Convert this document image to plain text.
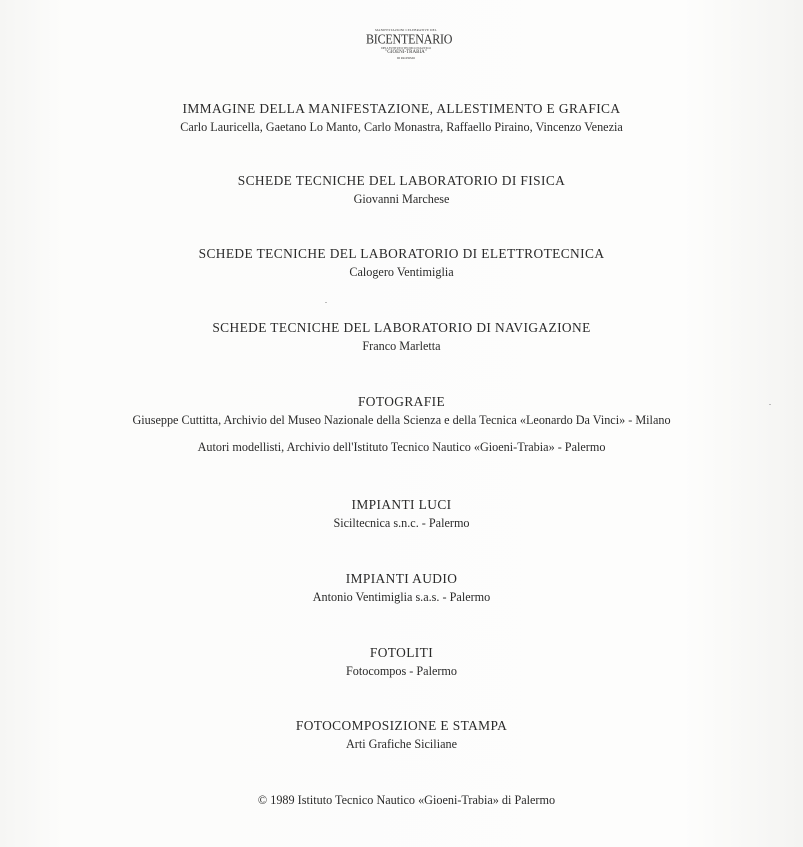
MANIFESTAZIONI CELEBRATIVE DEL
BICENTENARIO
DELL'ISTITUTO TECNICO NAUTICO
"GIOENI-TRABIA"
DI PALERMO
IMMAGINE DELLA MANIFESTAZIONE, ALLESTIMENTO E GRAFICA
Carlo Lauricella, Gaetano Lo Manto, Carlo Monastra, Raffaello Piraino, Vincenzo Venezia
SCHEDE TECNICHE DEL LABORATORIO DI FISICA
Giovanni Marchese
SCHEDE TECNICHE DEL LABORATORIO DI ELETTROTECNICA
Calogero Ventimiglia
SCHEDE TECNICHE DEL LABORATORIO DI NAVIGAZIONE
Franco Marletta
FOTOGRAFIE
Giuseppe Cuttitta, Archivio del Museo Nazionale della Scienza e della Tecnica «Leonardo Da Vinci» - Milano
Autori modellisti, Archivio dell'Istituto Tecnico Nautico «Gioeni-Trabia» - Palermo
IMPIANTI LUCI
Siciltecnica s.n.c. - Palermo
IMPIANTI AUDIO
Antonio Ventimiglia s.a.s. - Palermo
FOTOLITI
Fotocompos - Palermo
FOTOCOMPOSIZIONE E STAMPA
Arti Grafiche Siciliane
© 1989 Istituto Tecnico Nautico «Gioeni-Trabia» di Palermo
